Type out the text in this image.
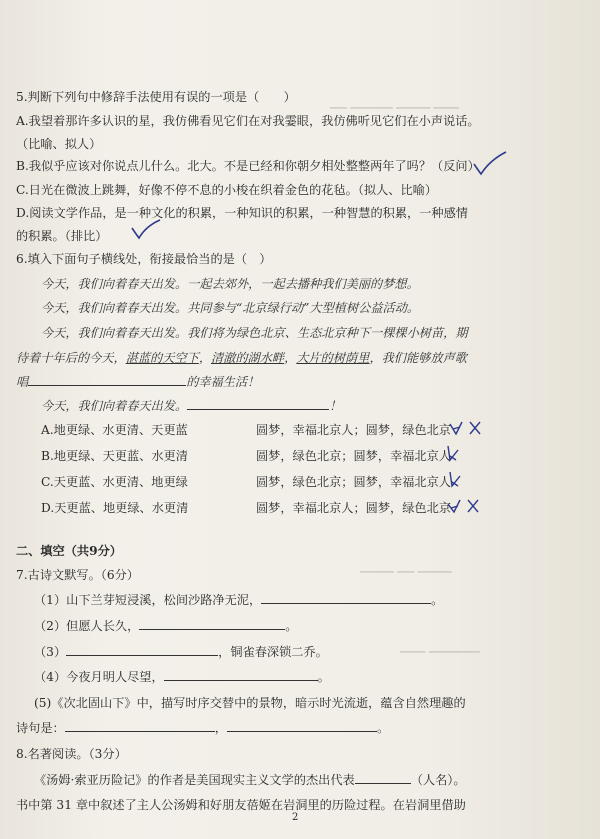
▁▁ ▁▁▁▁▁ ▁▁▁▁ ▁▁▁
▁▁▁▁ ▁▁ ▁▁▁▁
▁▁▁ ▁▁▁▁▁▁
5.判断下列句中修辞手法使用有误的一项是（　　）
A.我望着那许多认识的星，我仿佛看见它们在对我霎眼，我仿佛听见它们在小声说话。
（比喻、拟人）
B.我似乎应该对你说点儿什么。北大。不是已经和你朝夕相处整整两年了吗？（反问）
C.日光在微波上跳舞，好像不停不息的小梭在织着金色的花毡。（拟人、比喻）
D.阅读文学作品，是一种文化的积累，一种知识的积累，一种智慧的积累，一种感情
的积累。（排比）
6.填入下面句子横线处，衔接最恰当的是（　）
今天，我们向着春天出发。一起去郊外，一起去播种我们美丽的梦想。
今天，我们向着春天出发。共同参与“北京绿行动”大型植树公益活动。
今天，我们向着春天出发。我们将为绿色北京、生态北京种下一棵棵小树苗，期
待着十年后的今天，湛蓝的天空下，清澈的湖水畔，大片的树荫里，我们能够放声歌
唱	的幸福生活！
今天，我们向着春天出发。	！
A.地更绿、水更清、天更蓝	圆梦，幸福北京人；圆梦，绿色北京
B.地更绿、天更蓝、水更清	圆梦，绿色北京；圆梦，幸福北京人
C.天更蓝、水更清、地更绿	圆梦，绿色北京；圆梦，幸福北京人
D.天更蓝、地更绿、水更清	圆梦，幸福北京人；圆梦，绿色北京
二、填空（共9分）
7.古诗文默写。（6分）
（1）山下兰芽短浸溪，松间沙路净无泥，	。
（2）但愿人长久，	。
（3）	，铜雀春深锁二乔。
（4）今夜月明人尽望，	。
(5)《次北固山下》中，描写时序交替中的景物，暗示时光流逝，蕴含自然理趣的
诗句是：	，	。
8.名著阅读。（3分）
《汤姆·索亚历险记》的作者是美国现实主义文学的杰出代表	（人名）。
书中第 31 章中叙述了主人公汤姆和好朋友蓓姬在岩洞里的历险过程。在岩洞里借助
2
